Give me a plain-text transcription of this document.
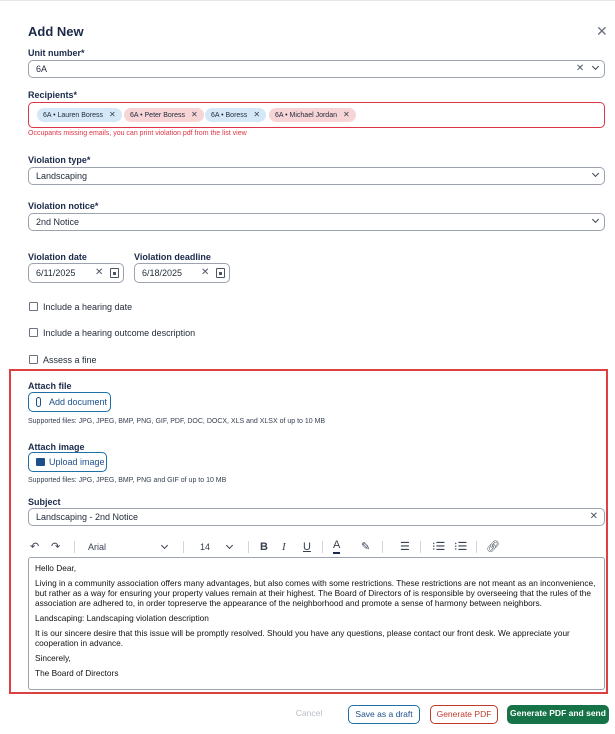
Add New	✕
Unit number*
6A	✕
Recipients*
6A • Lauren Boress ✕	6A • Peter Boress ✕	6A • Boress ✕	6A • Michael Jordan ✕
Occupants missing emails, you can print violation pdf from the list view
Violation type*
Landscaping
Violation notice*
2nd Notice
Violation date	Violation deadline
6/11/2025 ✕	6/18/2025 ✕
Include a hearing date
Include a hearing outcome description
Assess a fine
Attach file
Add document
Supported files: JPG, JPEG, BMP, PNG, GIF, PDF, DOC, DOCX, XLS and XLSX of up to 10 MB
Attach image
Upload image
Supported files: JPG, JPEG, BMP, PNG and GIF of up to 10 MB
Subject
Landscaping - 2nd Notice	✕
↶ ↷	Arial	14	B I U A ✎	☰ ⁝☰ ⁝☰ 🔗︎

Hello Dear,

Living in a community association offers many advantages, but also comes with some restrictions. These restrictions are not meant as an inconvenience, but rather as a way for ensuring your property values remain at their highest. The Board of Directors of is responsible by overseeing that the rules of the association are adhered to, in order topreserve the appearance of the neighborhood and promote a sense of harmony between neighbors.

Landscaping: Landscaping violation description

It is our sincere desire that this issue will be promptly resolved. Should you have any questions, please contact our front desk. We appreciate your cooperation in advance.

Sincerely,

The Board of Directors

Cancel	Save as a draft	Generate PDF	Generate PDF and send
